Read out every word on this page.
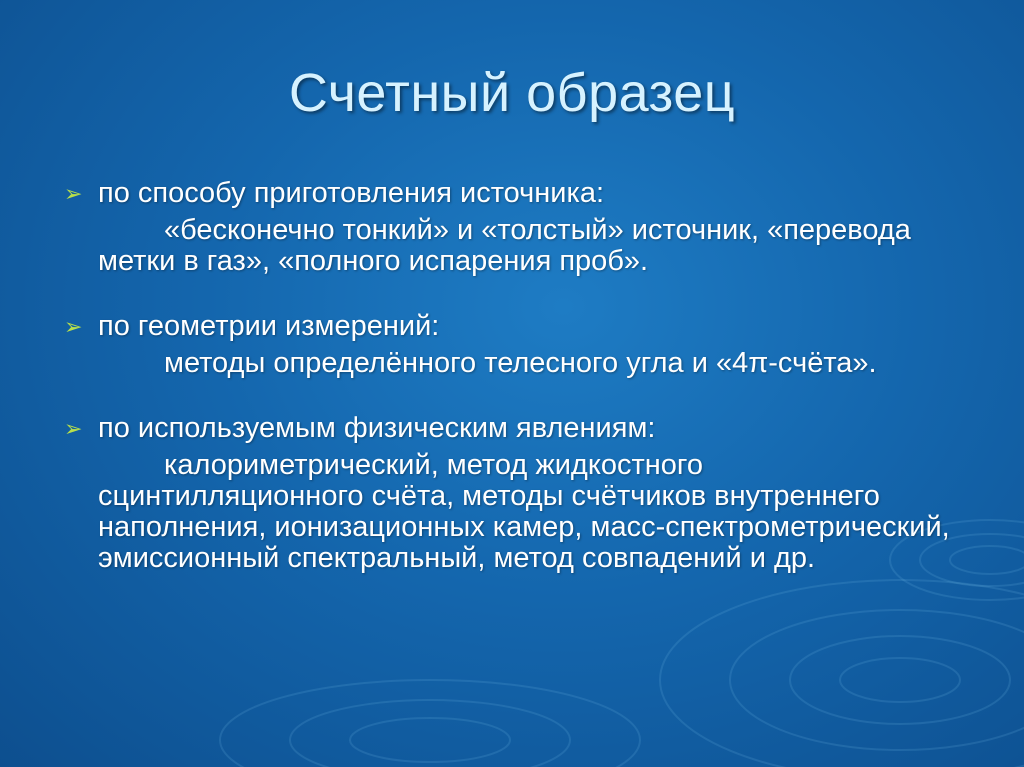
Счетный образец
➢ по способу приготовления источника:
«бесконечно тонкий» и «толстый» источник, «перевода метки в газ», «полного испарения проб».
➢ по геометрии измерений:
методы определённого телесного угла и «4π-счёта».
➢ по используемым физическим явлениям:
калориметрический, метод жидкостного сцинтилляционного счёта, методы счётчиков внутреннего наполнения, ионизационных камер, масс-спектрометрический, эмиссионный спектральный, метод совпадений и др.
